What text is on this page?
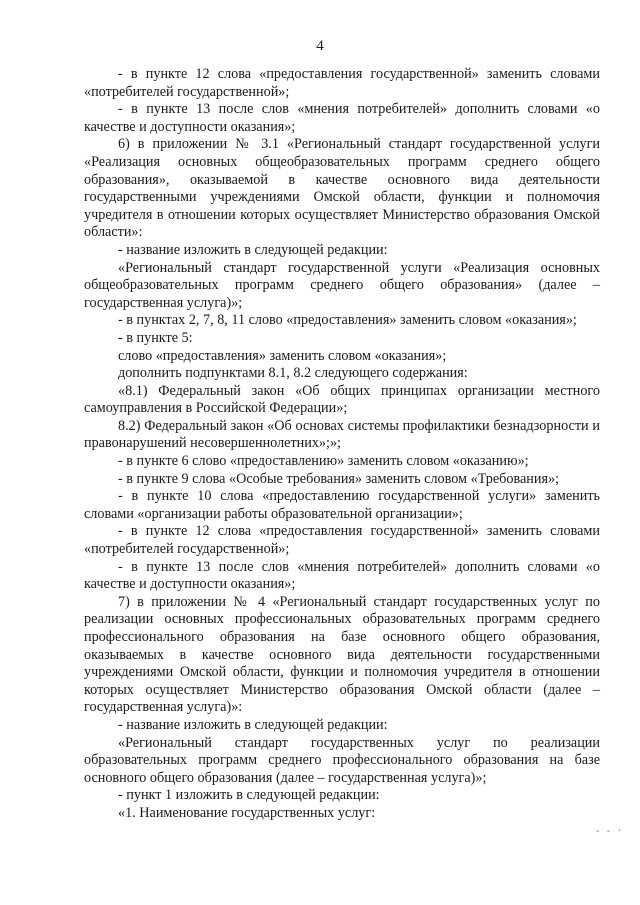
4

- в пункте 12 слова «предоставления государственной» заменить словами «потребителей государственной»;

- в пункте 13 после слов «мнения потребителей» дополнить словами «о качестве и доступности оказания»;

6) в приложении № 3.1 «Региональный стандарт государственной услуги «Реализация основных общеобразовательных программ среднего общего образования», оказываемой в качестве основного вида деятельности государственными учреждениями Омской области, функции и полномочия учредителя в отношении которых осуществляет Министерство образования Омской области»:

- название изложить в следующей редакции:

«Региональный стандарт государственной услуги «Реализация основных общеобразовательных программ среднего общего образования» (далее – государственная услуга)»;

- в пунктах 2, 7, 8, 11 слово «предоставления» заменить словом «оказания»;

- в пункте 5:

слово «предоставления» заменить словом «оказания»;

дополнить подпунктами 8.1, 8.2 следующего содержания:

«8.1) Федеральный закон «Об общих принципах организации местного самоуправления в Российской Федерации»;

8.2) Федеральный закон «Об основах системы профилактики безнадзорности и правонарушений несовершеннолетних»;»;

- в пункте 6 слово «предоставлению» заменить словом «оказанию»;

- в пункте 9 слова «Особые требования» заменить словом «Требования»;

- в пункте 10 слова «предоставлению государственной услуги» заменить словами «организации работы образовательной организации»;

- в пункте 12 слова «предоставления государственной» заменить словами «потребителей государственной»;

- в пункте 13 после слов «мнения потребителей» дополнить словами «о качестве и доступности оказания»;

7) в приложении № 4 «Региональный стандарт государственных услуг по реализации основных профессиональных образовательных программ среднего профессионального образования на базе основного общего образования, оказываемых в качестве основного вида деятельности государственными учреждениями Омской области, функции и полномочия учредителя в отношении которых осуществляет Министерство образования Омской области (далее – государственная услуга)»:

- название изложить в следующей редакции:

«Региональный стандарт государственных услуг по реализации образовательных программ среднего профессионального образования на базе основного общего образования (далее – государственная услуга)»;

- пункт 1 изложить в следующей редакции:

«1. Наименование государственных услуг:

- - ·
